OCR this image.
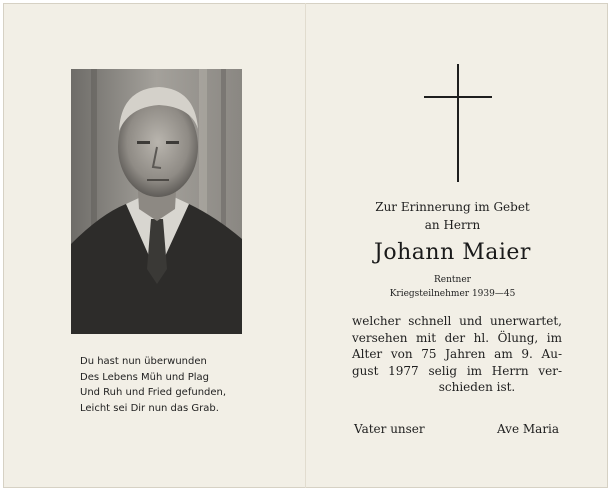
Du hast nun überwunden
Des Lebens Müh und Plag
Und Ruh und Fried gefunden,
Leicht sei Dir nun das Grab.
Zur Erinnerung im Gebet
an Herrn
Johann Maier
Rentner
Kriegsteilnehmer 1939—45
welcher schnell und unerwartet,
versehen mit der hl. Ölung, im
Alter von 75 Jahren am 9. Au-
gust 1977 selig im Herrn ver-
schieden ist.
Vater unser	Ave Maria
